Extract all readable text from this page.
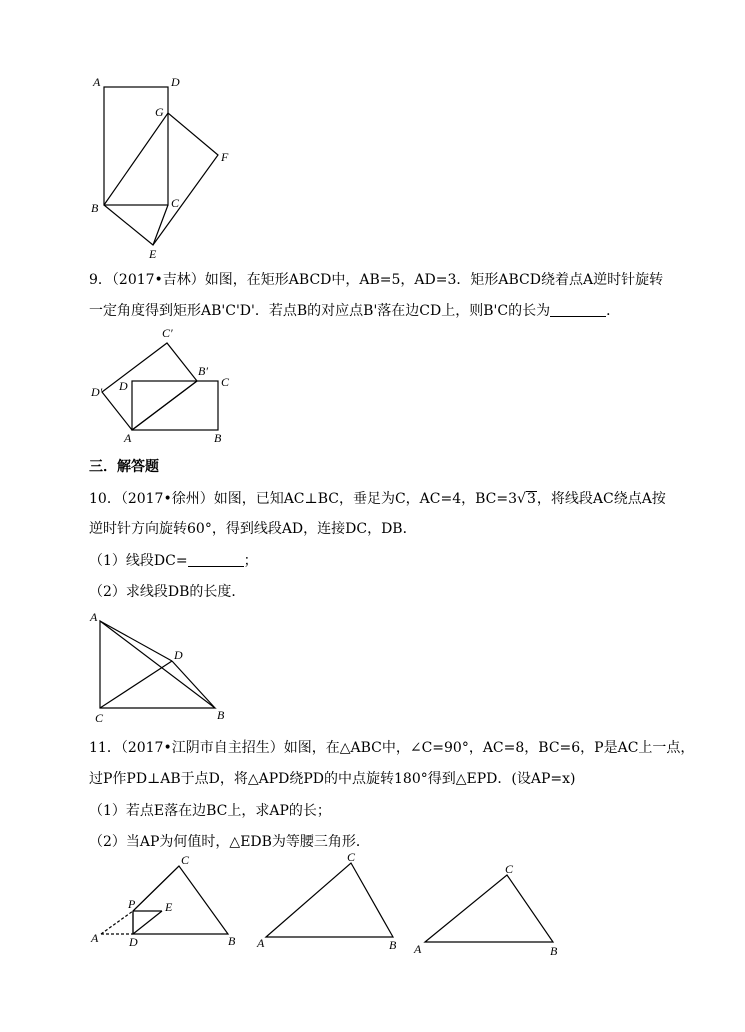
A	D
G
F
B	C
E
9．（2017•吉林）如图，在矩形ABCD中，AB=5，AD=3．矩形ABCD绕着点A逆时针旋转
一定角度得到矩形AB'C'D'．若点B的对应点B'落在边CD上，则B'C的长为	．
C′
B′
C
D′ D
A	B
三．解答题
10．（2017•徐州）如图，已知AC⊥BC，垂足为C，AC=4，BC=3√3，将线段AC绕点A按
逆时针方向旋转60°，得到线段AD，连接DC，DB．
（1）线段DC=	；
（2）求线段DB的长度．
A
D
C	B
11．（2017•江阴市自主招生）如图，在△ABC中，∠C=90°，AC=8，BC=6，P是AC上一点，
过P作PD⊥AB于点D，将△APD绕PD的中点旋转180°得到△EPD．(设AP=x)
（1）若点E落在边BC上，求AP的长；
（2）当AP为何值时，△EDB为等腰三角形．
C
P E
A	D	B
C
A	B
C
A	B
